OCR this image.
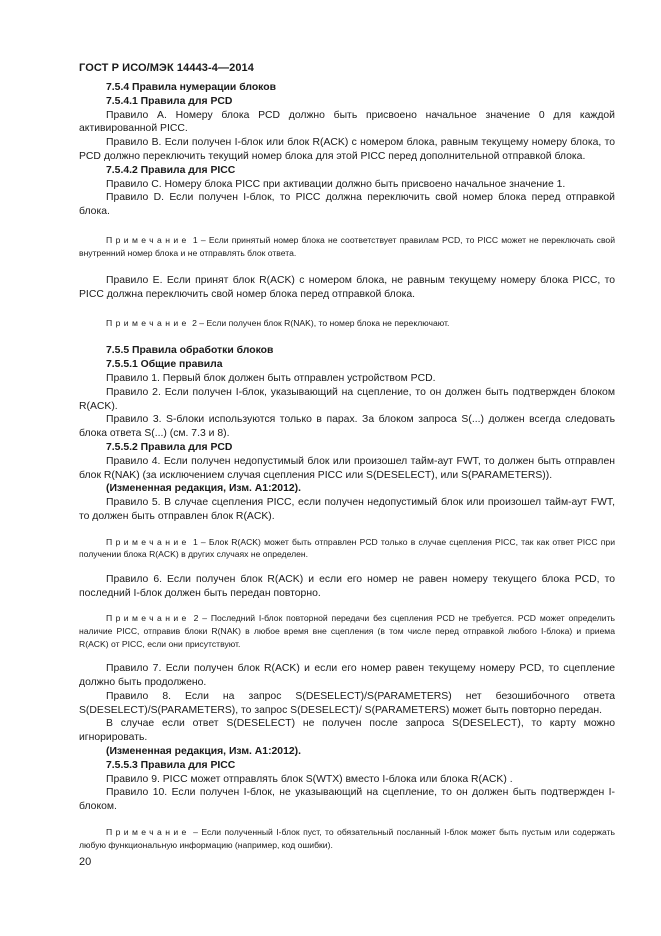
ГОСТ Р ИСО/МЭК 14443-4—2014

7.5.4 Правила нумерации блоков

7.5.4.1 Правила для PCD

Правило А. Номеру блока PCD должно быть присвоено начальное значение 0 для каждой активированной PICC.

Правило В. Если получен I-блок или блок R(ACK) с номером блока, равным текущему номеру блока, то PCD должно переключить текущий номер блока для этой PICC перед дополнительной отправкой блока.

7.5.4.2 Правила для PICC

Правило С. Номеру блока PICC при активации должно быть присвоено начальное значение 1.

Правило D. Если получен I-блок, то PICC должна переключить свой номер блока перед отправкой блока.

Примечание 1 – Если принятый номер блока не соответствует правилам PCD, то PICC может не переключать свой внутренний номер блока и не отправлять блок ответа.

Правило Е. Если принят блок R(ACK) с номером блока, не равным текущему номеру блока PICC, то PICC должна переключить свой номер блока перед отправкой блока.

Примечание 2 – Если получен блок R(NAK), то номер блока не переключают.

7.5.5 Правила обработки блоков

7.5.5.1 Общие правила

Правило 1. Первый блок должен быть отправлен устройством PCD.

Правило 2. Если получен I-блок, указывающий на сцепление, то он должен быть подтвержден блоком R(ACK).

Правило 3. S-блоки используются только в парах. За блоком запроса S(...) должен всегда следовать блока ответа S(...) (см. 7.3 и 8).

7.5.5.2 Правила для PCD

Правило 4. Если получен недопустимый блок или произошел тайм-аут FWT, то должен быть отправлен блок R(NAK) (за исключением случая сцепления PICC или S(DESELECT), или S(PARAMETERS)).

(Измененная редакция, Изм. А1:2012).

Правило 5. В случае сцепления PICC, если получен недопустимый блок или произошел тайм-аут FWT, то должен быть отправлен блок R(ACK).

Примечание 1 – Блок R(ACK) может быть отправлен PCD только в случае сцепления PICC, так как ответ PICC при получении блока R(ACK) в других случаях не определен.

Правило 6. Если получен блок R(ACK) и если его номер не равен номеру текущего блока PCD, то последний I-блок должен быть передан повторно.

Примечание 2 – Последний I-блок повторной передачи без сцепления PCD не требуется. PCD может определить наличие PICC, отправив блоки R(NAK) в любое время вне сцепления (в том числе перед отправкой любого I-блока) и приема R(ACK) от PICC, если они присутствуют.

Правило 7. Если получен блок R(ACK) и если его номер равен текущему номеру PCD, то сцепление должно быть продолжено.

Правило 8. Если на запрос S(DESELECT)/S(PARAMETERS) нет безошибочного ответа S(DESELECT)/S(PARAMETERS), то запрос S(DESELECT)/ S(PARAMETERS) может быть повторно передан.

В случае если ответ S(DESELECT) не получен после запроса S(DESELECT), то карту можно игнорировать.

(Измененная редакция, Изм. А1:2012).

7.5.5.3 Правила для PICC

Правило 9. PICC может отправлять блок S(WTX) вместо I-блока или блока R(ACK) .

Правило 10. Если получен I-блок, не указывающий на сцепление, то он должен быть подтвержден I-блоком.

Примечание – Если полученный I-блок пуст, то обязательный посланный I-блок может быть пустым или содержать любую функциональную информацию (например, код ошибки).

20
